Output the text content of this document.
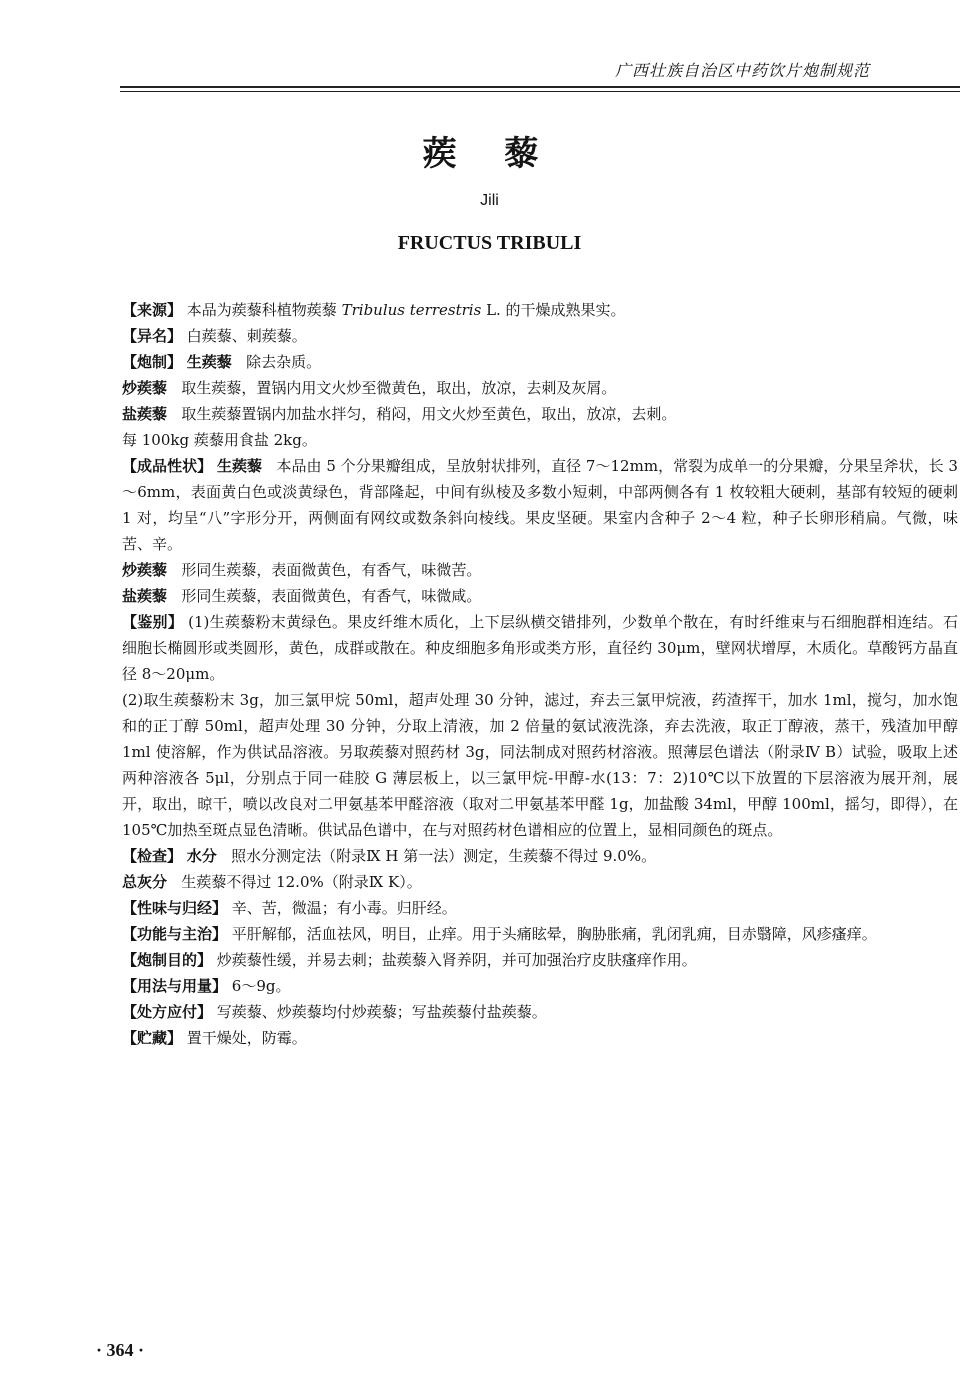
广西壮族自治区中药饮片炮制规范
蒺 藜
Jili
FRUCTUS TRIBULI

【来源】 本品为蒺藜科植物蒺藜 Tribulus terrestris L. 的干燥成熟果实。

【异名】 白蒺藜、刺蒺藜。

【炮制】 生蒺藜 除去杂质。

炒蒺藜 取生蒺藜，置锅内用文火炒至微黄色，取出，放凉，去刺及灰屑。

盐蒺藜 取生蒺藜置锅内加盐水拌匀，稍闷，用文火炒至黄色，取出，放凉，去刺。

每 100kg 蒺藜用食盐 2kg。

【成品性状】 生蒺藜 本品由 5 个分果瓣组成，呈放射状排列，直径 7～12mm，常裂为成单一的分果瓣，分果呈斧状，长 3～6mm，表面黄白色或淡黄绿色，背部隆起，中间有纵棱及多数小短刺，中部两侧各有 1 枚较粗大硬刺，基部有较短的硬刺 1 对，均呈“八”字形分开，两侧面有网纹或数条斜向棱线。果皮坚硬。果室内含种子 2～4 粒，种子长卵形稍扁。气微，味苦、辛。

炒蒺藜 形同生蒺藜，表面微黄色，有香气，味微苦。

盐蒺藜 形同生蒺藜，表面微黄色，有香气，味微咸。

【鉴别】 (1)生蒺藜粉末黄绿色。果皮纤维木质化，上下层纵横交错排列，少数单个散在，有时纤维束与石细胞群相连结。石细胞长椭圆形或类圆形，黄色，成群或散在。种皮细胞多角形或类方形，直径约 30μm，壁网状增厚，木质化。草酸钙方晶直径 8～20μm。

(2)取生蒺藜粉末 3g，加三氯甲烷 50ml，超声处理 30 分钟，滤过，弃去三氯甲烷液，药渣挥干，加水 1ml，搅匀，加水饱和的正丁醇 50ml，超声处理 30 分钟，分取上清液，加 2 倍量的氨试液洗涤，弃去洗液，取正丁醇液，蒸干，残渣加甲醇 1ml 使溶解，作为供试品溶液。另取蒺藜对照药材 3g，同法制成对照药材溶液。照薄层色谱法（附录Ⅳ B）试验，吸取上述两种溶液各 5μl，分别点于同一硅胶 G 薄层板上，以三氯甲烷-甲醇-水(13：7：2)10℃以下放置的下层溶液为展开剂，展开，取出，晾干，喷以改良对二甲氨基苯甲醛溶液（取对二甲氨基苯甲醛 1g，加盐酸 34ml，甲醇 100ml，摇匀，即得），在 105℃加热至斑点显色清晰。供试品色谱中，在与对照药材色谱相应的位置上，显相同颜色的斑点。

【检查】 水分 照水分测定法（附录Ⅸ H 第一法）测定，生蒺藜不得过 9.0%。

总灰分 生蒺藜不得过 12.0%（附录Ⅸ K）。

【性味与归经】 辛、苦，微温；有小毒。归肝经。

【功能与主治】 平肝解郁，活血祛风，明目，止痒。用于头痛眩晕，胸胁胀痛，乳闭乳痈，目赤翳障，风疹瘙痒。

【炮制目的】 炒蒺藜性缓，并易去刺；盐蒺藜入肾养阴，并可加强治疗皮肤瘙痒作用。

【用法与用量】 6～9g。

【处方应付】 写蒺藜、炒蒺藜均付炒蒺藜；写盐蒺藜付盐蒺藜。

【贮藏】 置干燥处，防霉。

· 364 ·
